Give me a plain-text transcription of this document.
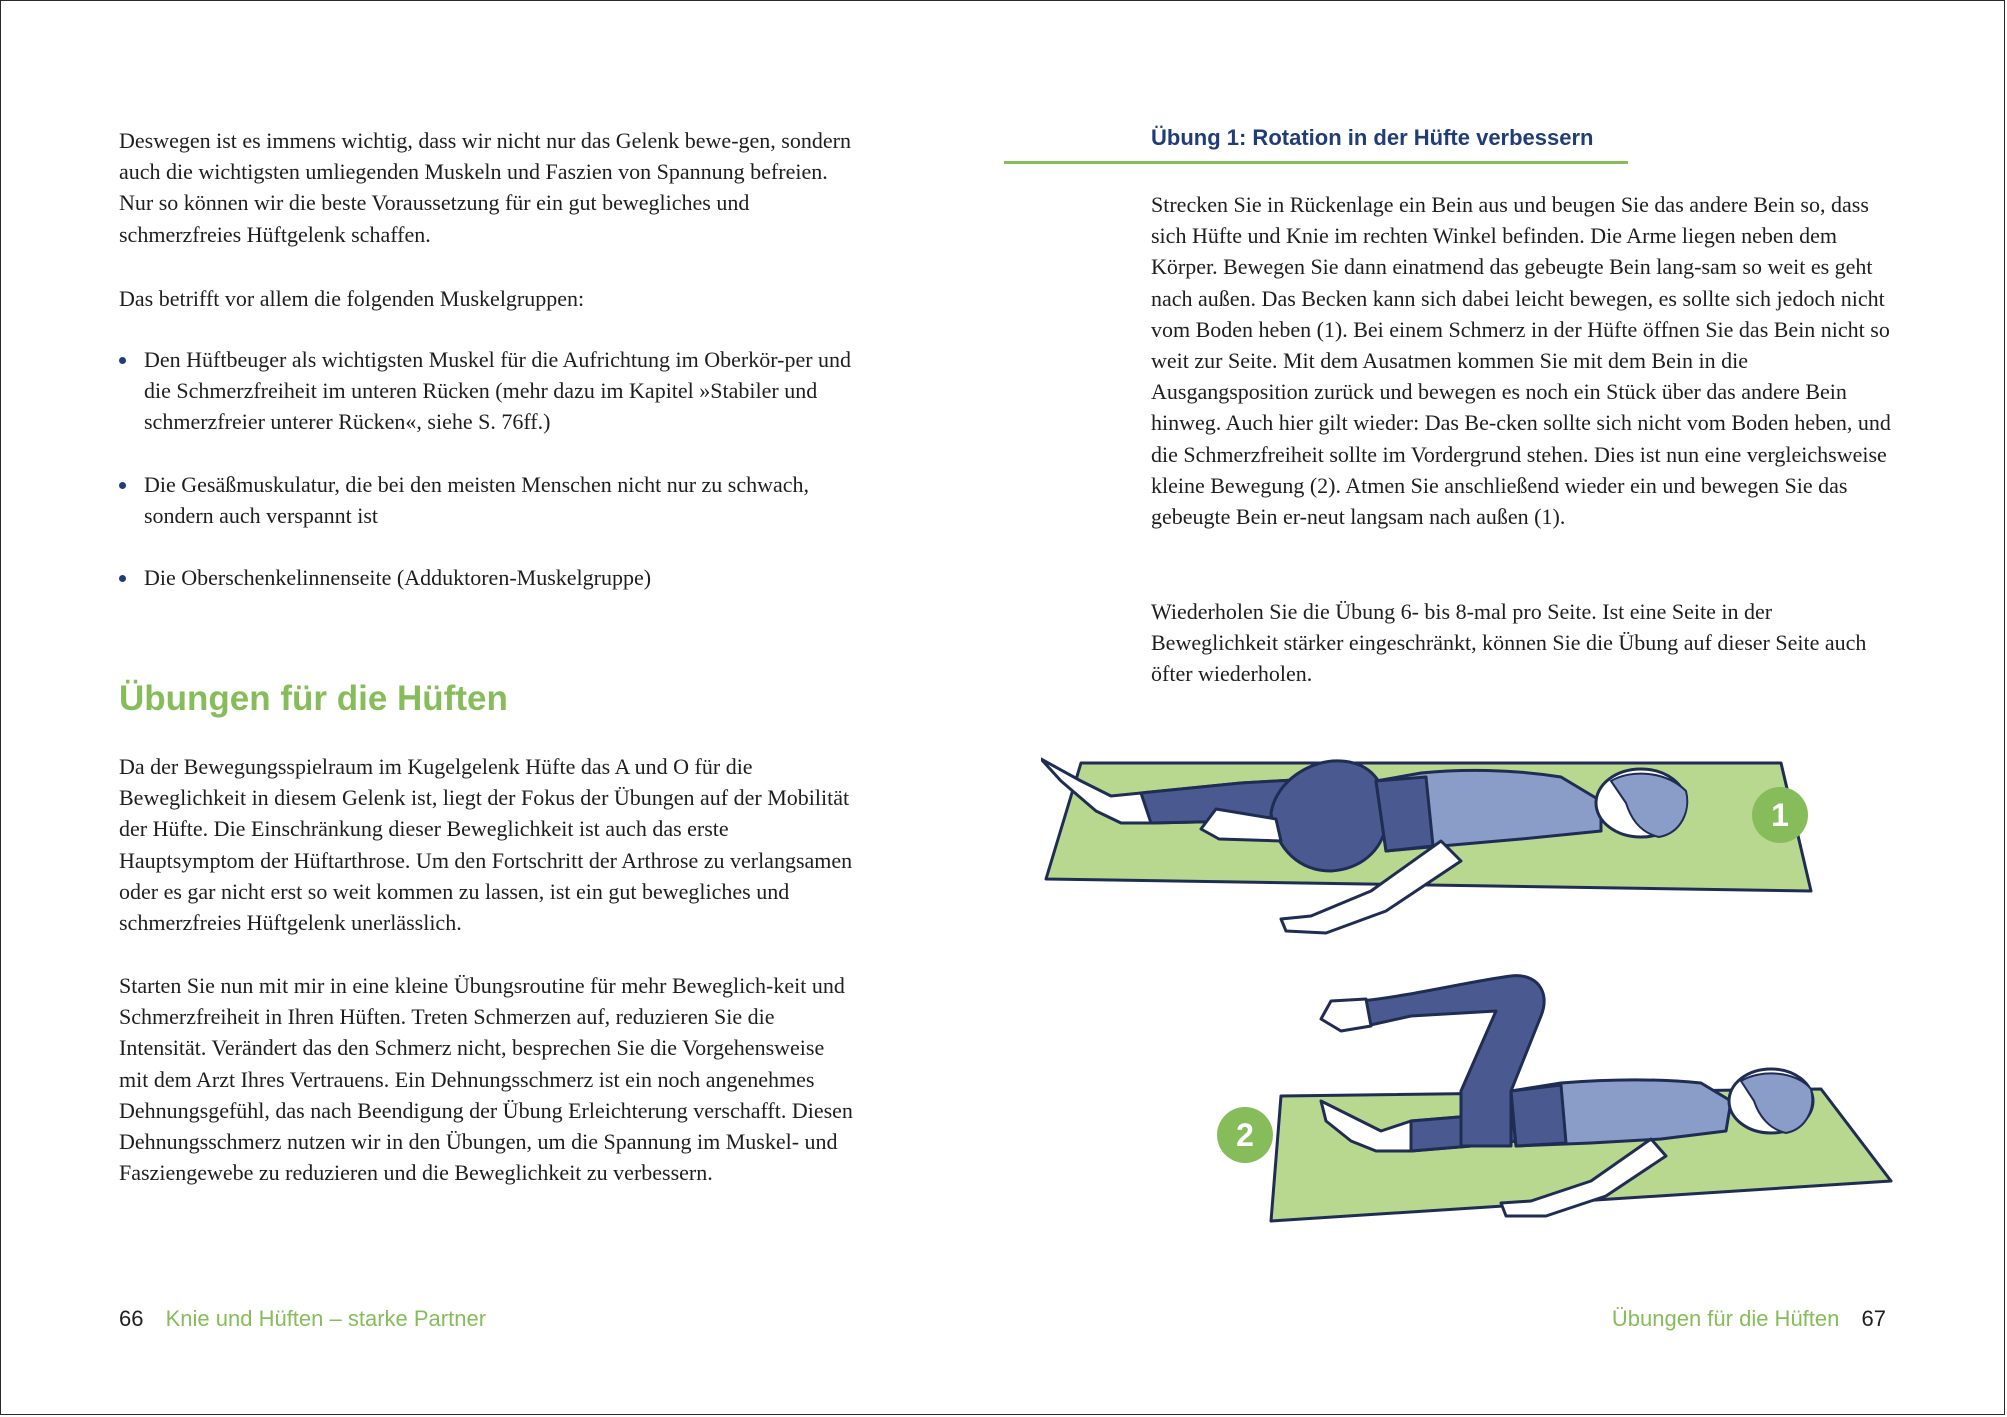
Deswegen ist es immens wichtig, dass wir nicht nur das Gelenk bewe-gen, sondern auch die wichtigsten umliegenden Muskeln und Faszien von Spannung befreien. Nur so können wir die beste Voraussetzung für ein gut bewegliches und schmerzfreies Hüftgelenk schaffen.

Das betrifft vor allem die folgenden Muskelgruppen:

Den Hüftbeuger als wichtigsten Muskel für die Aufrichtung im Oberkör-per und die Schmerzfreiheit im unteren Rücken (mehr dazu im Kapitel »Stabiler und schmerzfreier unterer Rücken«, siehe S. 76ff.)
Die Gesäßmuskulatur, die bei den meisten Menschen nicht nur zu schwach, sondern auch verspannt ist
Die Oberschenkelinnenseite (Adduktoren-Muskelgruppe)
Übungen für die Hüften

Da der Bewegungsspielraum im Kugelgelenk Hüfte das A und O für die Beweglichkeit in diesem Gelenk ist, liegt der Fokus der Übungen auf der Mobilität der Hüfte. Die Einschränkung dieser Beweglichkeit ist auch das erste Hauptsymptom der Hüftarthrose. Um den Fortschritt der Arthrose zu verlangsamen oder es gar nicht erst so weit kommen zu lassen, ist ein gut bewegliches und schmerzfreies Hüftgelenk unerlässlich.

Starten Sie nun mit mir in eine kleine Übungsroutine für mehr Beweglich-keit und Schmerzfreiheit in Ihren Hüften. Treten Schmerzen auf, reduzieren Sie die Intensität. Verändert das den Schmerz nicht, besprechen Sie die Vorgehensweise mit dem Arzt Ihres Vertrauens. Ein Dehnungsschmerz ist ein noch angenehmes Dehnungsgefühl, das nach Beendigung der Übung Erleichterung verschafft. Diesen Dehnungsschmerz nutzen wir in den Übungen, um die Spannung im Muskel- und Fasziengewebe zu reduzieren und die Beweglichkeit zu verbessern.

Übung 1: Rotation in der Hüfte verbessern

Strecken Sie in Rückenlage ein Bein aus und beugen Sie das andere Bein so, dass sich Hüfte und Knie im rechten Winkel befinden. Die Arme liegen neben dem Körper. Bewegen Sie dann einatmend das gebeugte Bein lang-sam so weit es geht nach außen. Das Becken kann sich dabei leicht bewegen, es sollte sich jedoch nicht vom Boden heben (1). Bei einem Schmerz in der Hüfte öffnen Sie das Bein nicht so weit zur Seite. Mit dem Ausatmen kommen Sie mit dem Bein in die Ausgangsposition zurück und bewegen es noch ein Stück über das andere Bein hinweg. Auch hier gilt wieder: Das Be-cken sollte sich nicht vom Boden heben, und die Schmerzfreiheit sollte im Vordergrund stehen. Dies ist nun eine vergleichsweise kleine Bewegung (2). Atmen Sie anschließend wieder ein und bewegen Sie das gebeugte Bein er-neut langsam nach außen (1).

Wiederholen Sie die Übung 6- bis 8-mal pro Seite. Ist eine Seite in der Beweglichkeit stärker eingeschränkt, können Sie die Übung auf dieser Seite auch öfter wiederholen.

1
2
66 Knie und Hüften – starke Partner	Übungen für die Hüften 67
